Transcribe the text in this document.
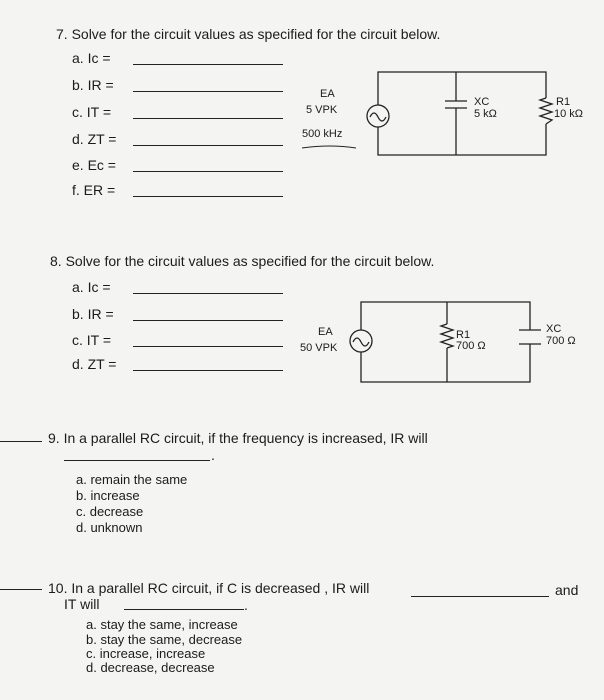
7. Solve for the circuit values as specified for the circuit below.
a. Ic =
b. IR =
c. IT =
d. ZT =
e. Ec =
f. ER =
EA
5 VPK
500 kHz
XC
5 kΩ
R1
10 kΩ
8. Solve for the circuit values as specified for the circuit below.
a. Ic =
b. IR =
c. IT =
d. ZT =
EA
50 VPK
R1
700 Ω
XC
700 Ω
9. In a parallel RC circuit, if the frequency is increased, IR will
.
a. remain the same
b. increase
c. decrease
d. unknown
10. In a parallel RC circuit, if C is decreased , IR will	and
IT will	.
a. stay the same, increase
b. stay the same, decrease
c. increase, increase
d. decrease, decrease
